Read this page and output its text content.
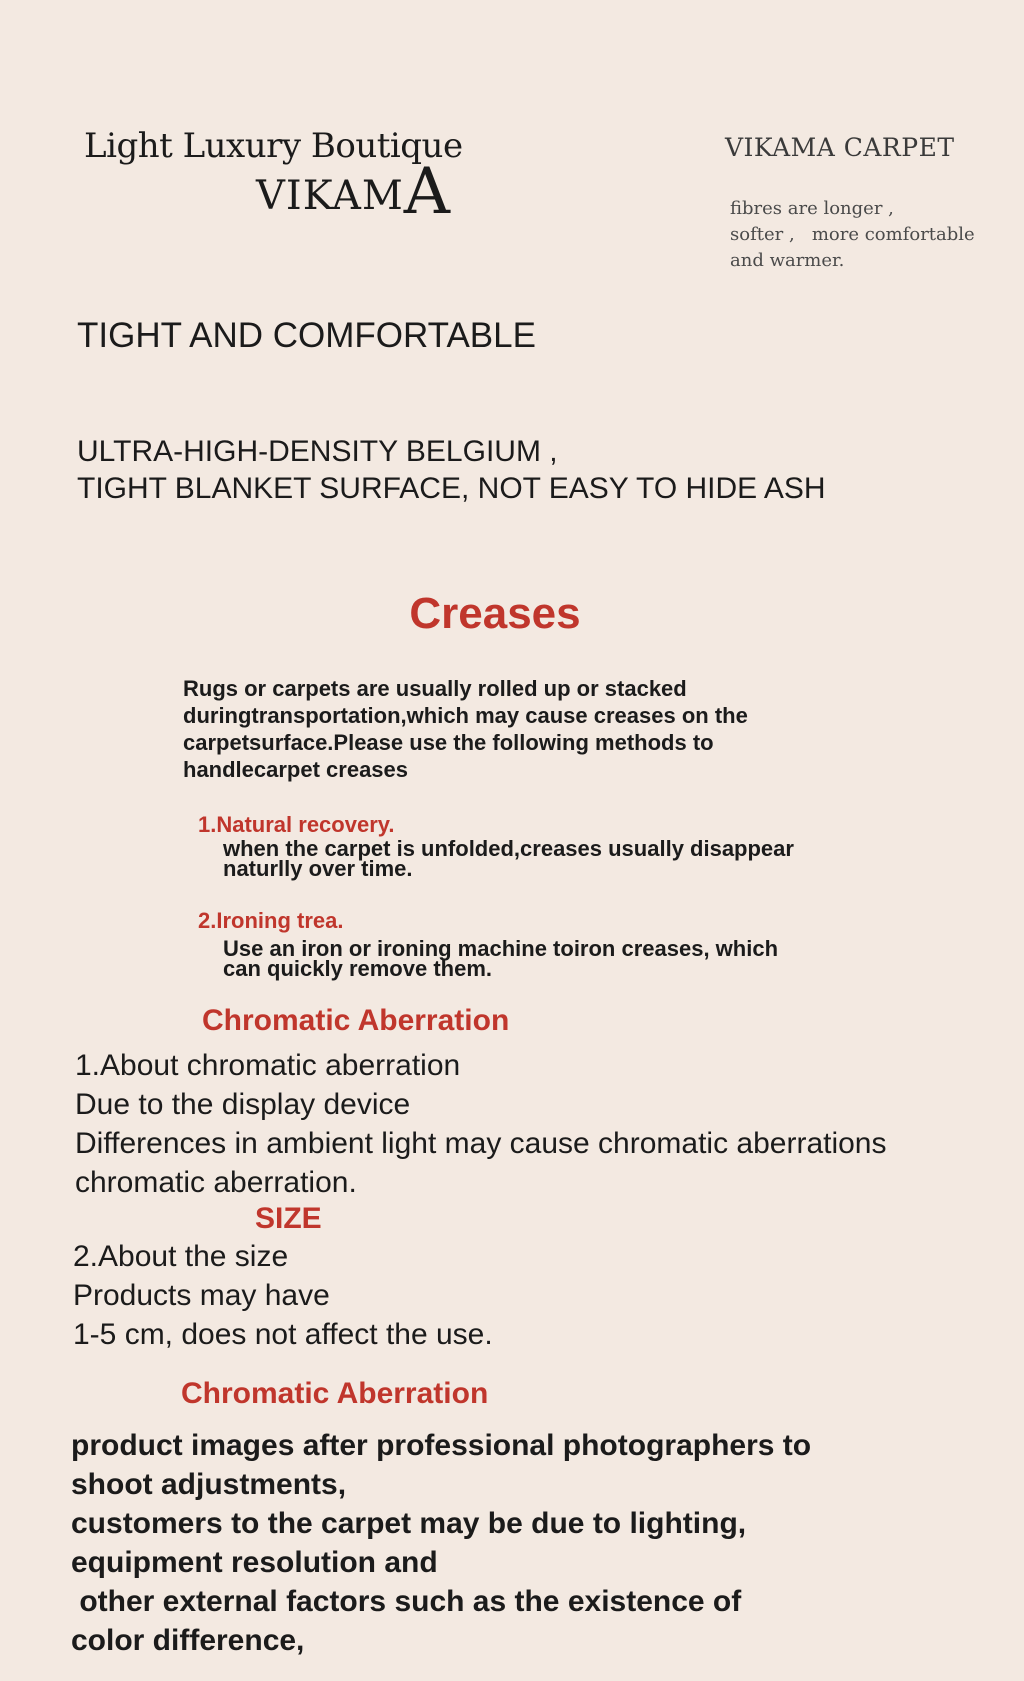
Light Luxury Boutique
VIKAMA
VIKAMA CARPET
fibres are longer ,
softer ,   more comfortable
and warmer.
TIGHT AND COMFORTABLE
ULTRA-HIGH-DENSITY BELGIUM ,
TIGHT BLANKET SURFACE, NOT EASY TO HIDE ASH
Creases
Rugs or carpets are usually rolled up or stacked
duringtransportation,which may cause creases on the
carpetsurface.Please use the following methods to
handlecarpet creases
1.Natural recovery.
when the carpet is unfolded,creases usually disappear
naturlly over time.
2.Ironing trea.
Use an iron or ironing machine toiron creases, which
can quickly remove them.
Chromatic Aberration
1.About chromatic aberration
Due to the display device
Differences in ambient light may cause chromatic aberrations
chromatic aberration.
SIZE
2.About the size
Products may have
1-5 cm, does not affect the use.
Chromatic Aberration
product images after professional photographers to
shoot adjustments,
customers to the carpet may be due to lighting,
equipment resolution and
other external factors such as the existence of
color difference,
